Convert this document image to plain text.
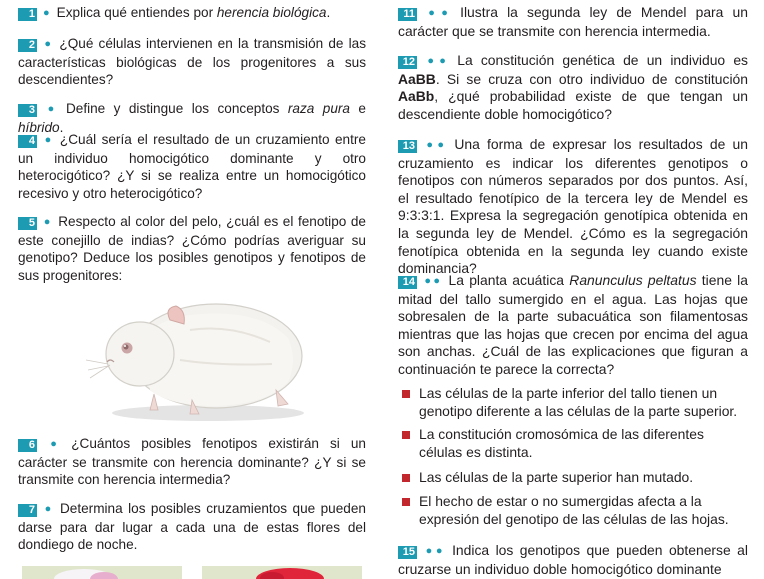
1 ● Explica qué entiendes por herencia biológica.
2 ● ¿Qué células intervienen en la transmisión de las características biológicas de los progenitores a sus descendientes?
3 ● Define y distingue los conceptos raza pura e híbrido.
4 ● ¿Cuál sería el resultado de un cruzamiento entre un individuo homocigótico dominante y otro heterocigótico? ¿Y si se realiza entre un homocigótico recesivo y otro heterocigótico?
5 ● Respecto al color del pelo, ¿cuál es el fenotipo de este conejillo de indias? ¿Cómo podrías averiguar su genotipo? Deduce los posibles genotipos y fenotipos de sus progenitores:
6 ● ¿Cuántos posibles fenotipos existirán si un carácter se transmite con herencia dominante? ¿Y si se transmite con herencia intermedia?
7 ● Determina los posibles cruzamientos que pueden darse para dar lugar a cada una de estas flores del dondiego de noche.
11 ●● Ilustra la segunda ley de Mendel para un carácter que se transmite con herencia intermedia.
12 ●● La constitución genética de un individuo es AaBB. Si se cruza con otro individuo de constitución AaBb, ¿qué probabilidad existe de que tengan un descendiente doble homocigótico?
13 ●● Una forma de expresar los resultados de un cruzamiento es indicar los diferentes genotipos o fenotipos con números separados por dos puntos. Así, el resultado fenotípico de la tercera ley de Mendel es 9:3:3:1. Expresa la segregación genotípica obtenida en la segunda ley de Mendel. ¿Cómo es la segregación fenotípica obtenida en la segunda ley cuando existe dominancia?
14 ●● La planta acuática Ranunculus peltatus tiene la mitad del tallo sumergido en el agua. Las hojas que sobresalen de la parte subacuática son filamentosas mientras que las hojas que crecen por encima del agua son anchas. ¿Cuál de las explicaciones que figuran a continuación te parece la correcta?
Las células de la parte inferior del tallo tienen un genotipo diferente a las células de la parte superior.
La constitución cromosómica de las diferentes células es distinta.
Las células de la parte superior han mutado.
El hecho de estar o no sumergidas afecta a la expresión del genotipo de las células de las hojas.
15 ●● Indica los genotipos que pueden obtenerse al cruzarse un individuo doble homocigótico dominante
